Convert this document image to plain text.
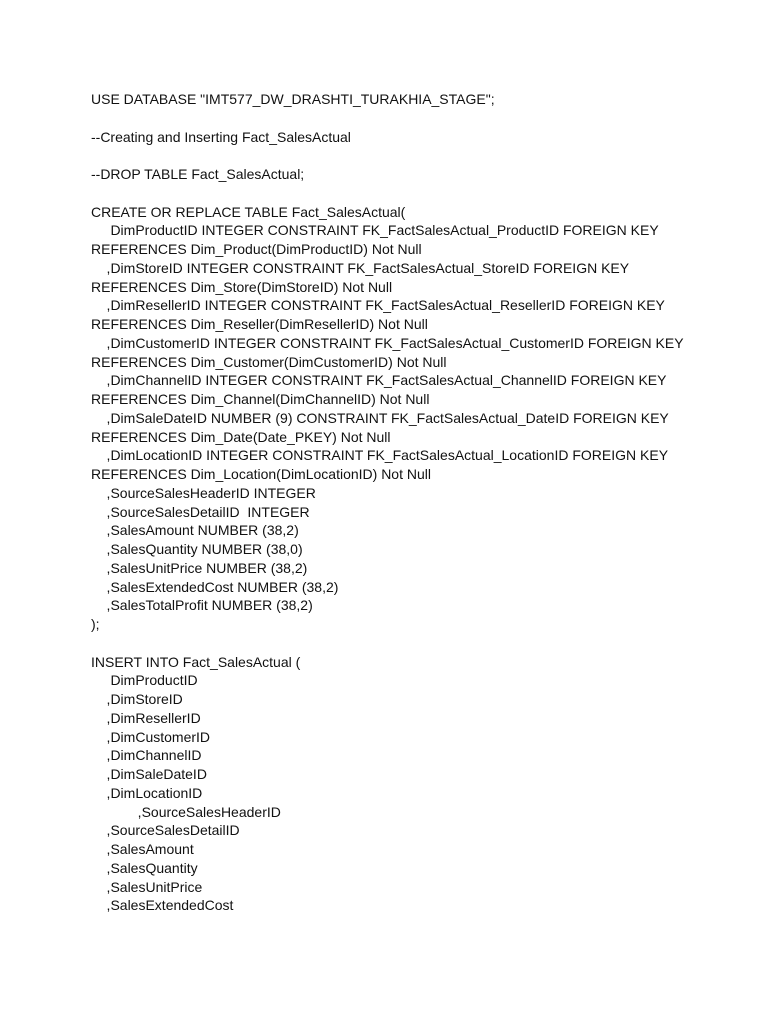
USE DATABASE "IMT577_DW_DRASHTI_TURAKHIA_STAGE";
--Creating and Inserting Fact_SalesActual
--DROP TABLE Fact_SalesActual;
CREATE OR REPLACE TABLE Fact_SalesActual(
DimProductID INTEGER CONSTRAINT FK_FactSalesActual_ProductID FOREIGN KEY
REFERENCES Dim_Product(DimProductID) Not Null
,DimStoreID INTEGER CONSTRAINT FK_FactSalesActual_StoreID FOREIGN KEY
REFERENCES Dim_Store(DimStoreID) Not Null
,DimResellerID INTEGER CONSTRAINT FK_FactSalesActual_ResellerID FOREIGN KEY
REFERENCES Dim_Reseller(DimResellerID) Not Null
,DimCustomerID INTEGER CONSTRAINT FK_FactSalesActual_CustomerID FOREIGN KEY
REFERENCES Dim_Customer(DimCustomerID) Not Null
,DimChannelID INTEGER CONSTRAINT FK_FactSalesActual_ChannelID FOREIGN KEY
REFERENCES Dim_Channel(DimChannelID) Not Null
,DimSaleDateID NUMBER (9) CONSTRAINT FK_FactSalesActual_DateID FOREIGN KEY
REFERENCES Dim_Date(Date_PKEY) Not Null
,DimLocationID INTEGER CONSTRAINT FK_FactSalesActual_LocationID FOREIGN KEY
REFERENCES Dim_Location(DimLocationID) Not Null
,SourceSalesHeaderID INTEGER
,SourceSalesDetailID  INTEGER
,SalesAmount NUMBER (38,2)
,SalesQuantity NUMBER (38,0)
,SalesUnitPrice NUMBER (38,2)
,SalesExtendedCost NUMBER (38,2)
,SalesTotalProfit NUMBER (38,2)
);
INSERT INTO Fact_SalesActual (
DimProductID
,DimStoreID
,DimResellerID
,DimCustomerID
,DimChannelID
,DimSaleDateID
,DimLocationID
,SourceSalesHeaderID
,SourceSalesDetailID
,SalesAmount
,SalesQuantity
,SalesUnitPrice
,SalesExtendedCost
